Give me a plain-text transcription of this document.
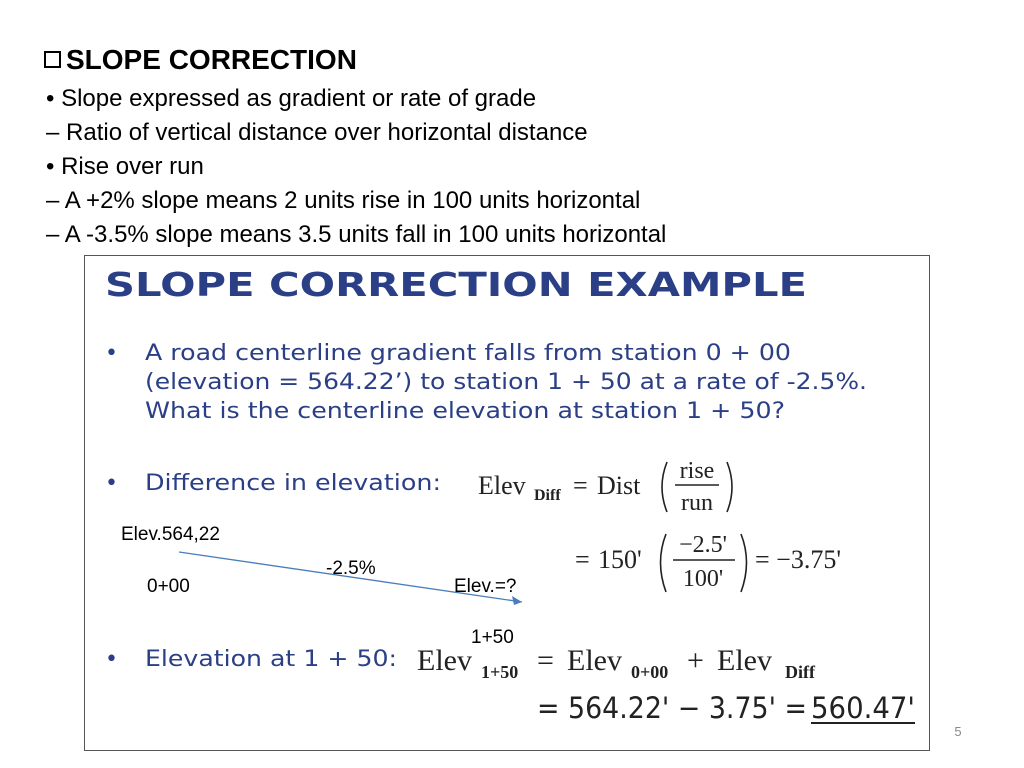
SLOPE CORRECTION
• Slope expressed as gradient or rate of grade
– Ratio of vertical distance over horizontal distance
• Rise over run
– A +2% slope means 2 units rise in 100 units horizontal
– A -3.5% slope means 3.5 units fall in 100 units horizontal
SLOPE CORRECTION EXAMPLE
• A road centerline gradient falls from station 0 + 00
(elevation = 564.22’) to station 1 + 50 at a rate of -2.5%.
What is the centerline elevation at station 1 + 50?
• Difference in elevation: Elev Diff = Dist rise
run
= 150' −2.5'
100'
= −3.75'
• Elevation at 1 + 50: Elev 1+50 = Elev 0+00 + Elev Diff
= 564.22' − 3.75' = 560.47'
Elev.564,22
-2.5%
0+00	Elev.=?
1+50
5
